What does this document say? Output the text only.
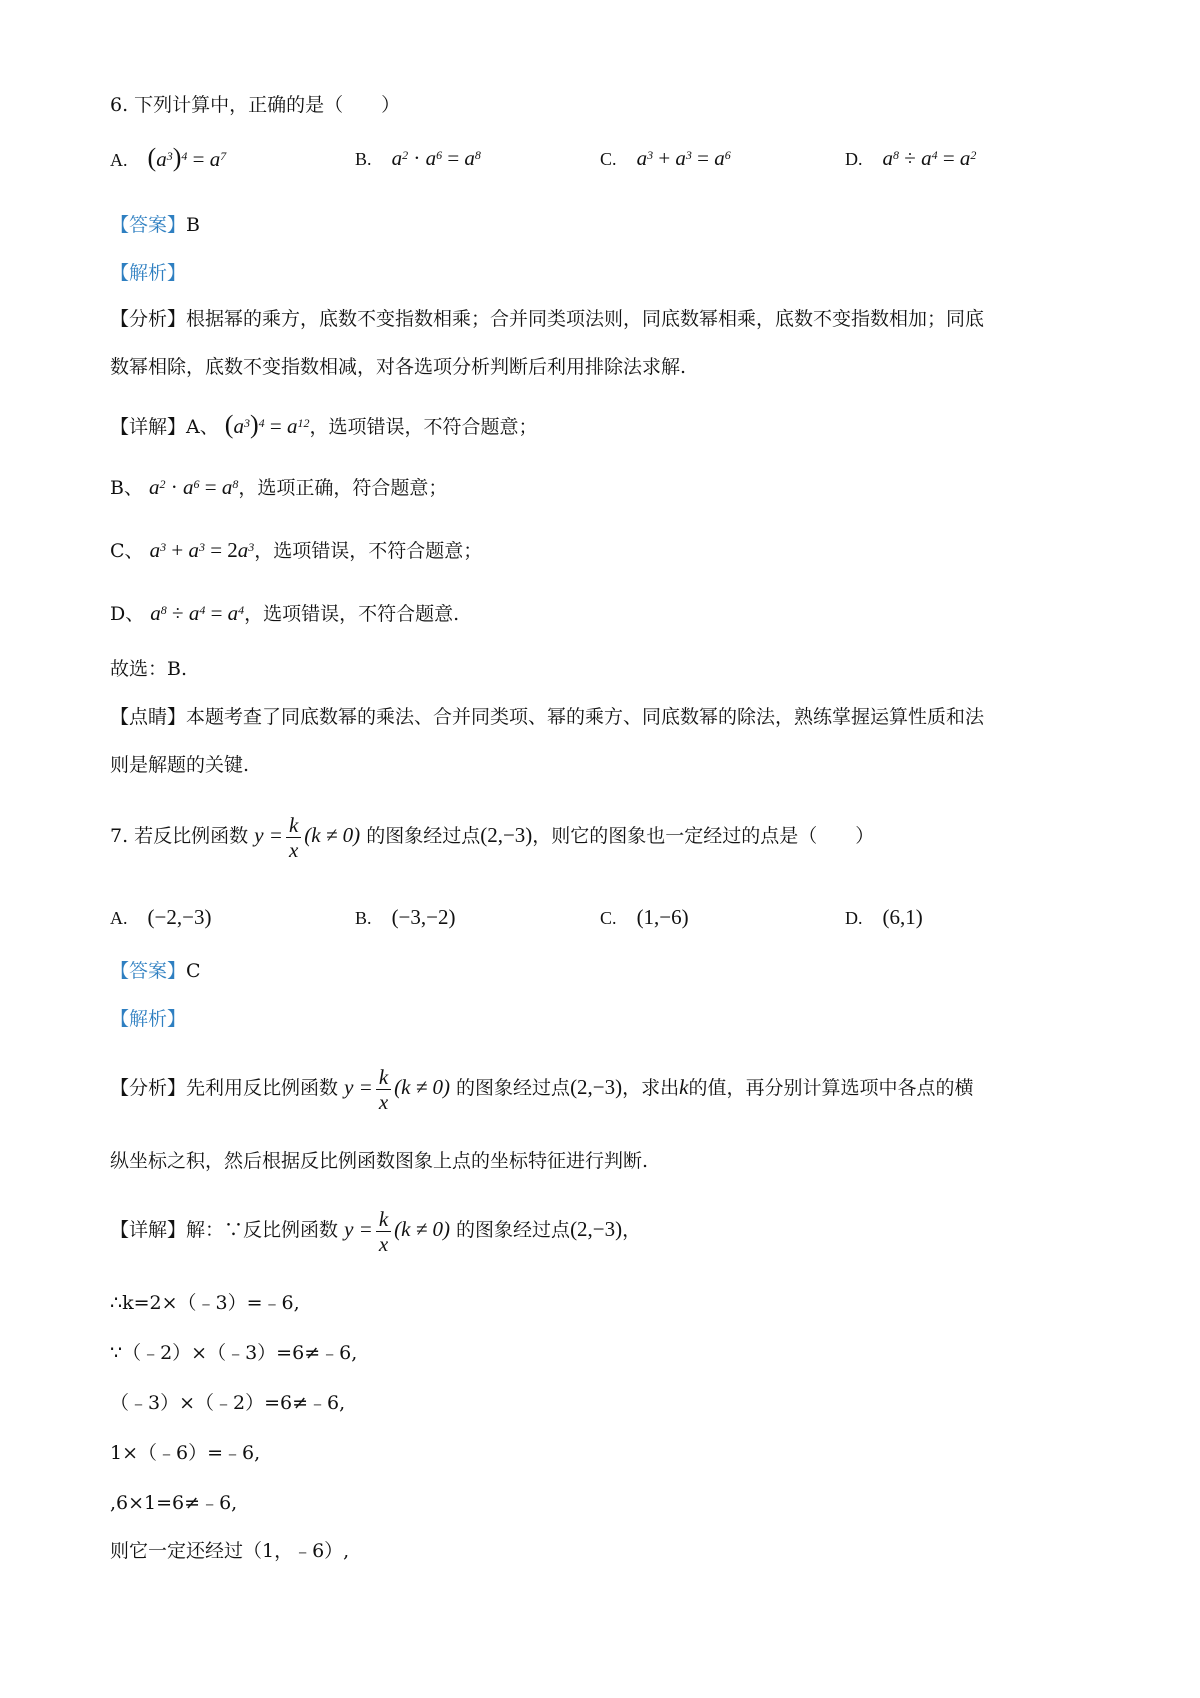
6. 下列计算中，正确的是（　　）
A. $(a^3)^4 = a^7$	B. $a^2 \cdot a^6 = a^8$	C. $a^3 + a^3 = a^6$	D. $a^8 \div a^4 = a^2$
【答案】B
【解析】
【分析】根据幂的乘方，底数不变指数相乘；合并同类项法则，同底数幂相乘，底数不变指数相加；同底
数幂相除，底数不变指数相减，对各选项分析判断后利用排除法求解.
【详解】A、 $(a^3)^4 = a^{12}$，选项错误，不符合题意；
B、 $a^2 \cdot a^6 = a^8$，选项正确，符合题意；
C、 $a^3 + a^3 = 2a^3$，选项错误，不符合题意；
D、 $a^8 \div a^4 = a^4$，选项错误，不符合题意.
故选：B.
【点睛】本题考查了同底数幂的乘法、合并同类项、幂的乘方、同底数幂的除法，熟练掌握运算性质和法
则是解题的关键.
7. 若反比例函数 $y = \frac{k}{x} (k \ne 0)$ 的图象经过点(2,−3)，则它的图象也一定经过的点是（　　）
A. (−2,−3)	B. (−3,−2)	C. (1,−6)	D. (6,1)
【答案】C
【解析】
【分析】先利用反比例函数 $y = \frac{k}{x} (k \ne 0)$ 的图象经过点(2,−3)，求出k的值，再分别计算选项中各点的横
纵坐标之积，然后根据反比例函数图象上点的坐标特征进行判断.
【详解】解：∵反比例函数 $y = \frac{k}{x} (k \ne 0)$ 的图象经过点(2,−3)，
∴k=2×（﹣3）=﹣6,
∵（﹣2）×（﹣3）=6≠﹣6,
（﹣3）×（﹣2）=6≠﹣6,
1×（﹣6）=﹣6,
,6×1=6≠﹣6,
则它一定还经过（1，﹣6）,
